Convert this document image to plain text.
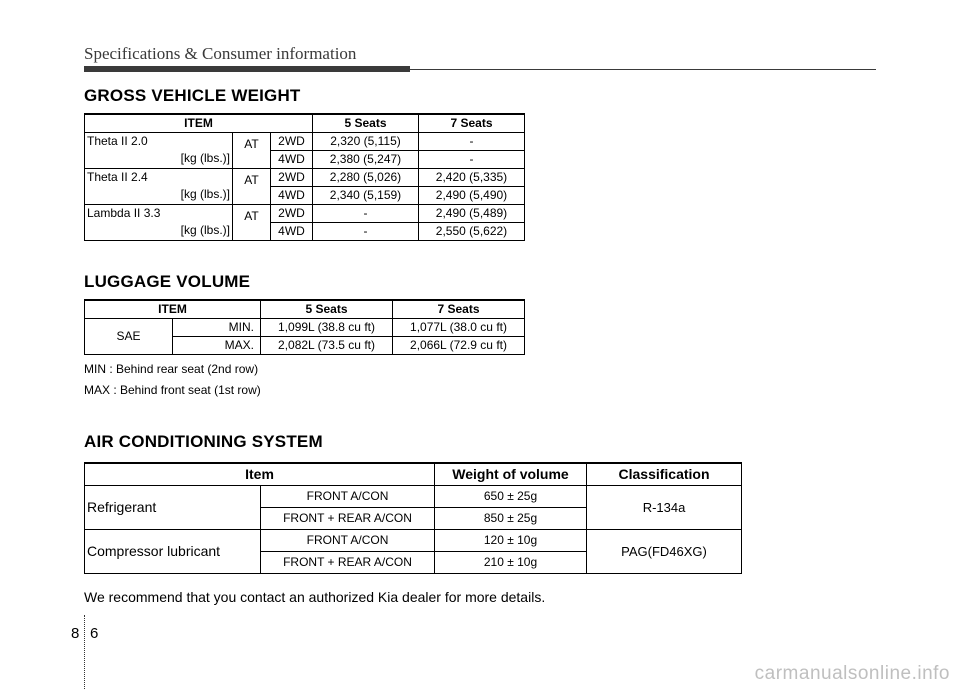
Specifications & Consumer information
GROSS VEHICLE WEIGHT
ITEM			5 Seats	7 Seats
Theta II 2.0
[kg (lbs.)]	AT	2WD	2,320 (5,115)	-
		4WD	2,380 (5,247)	-
Theta II 2.4
[kg (lbs.)]	AT	2WD	2,280 (5,026)	2,420 (5,335)
		4WD	2,340 (5,159)	2,490 (5,490)
Lambda II 3.3
[kg (lbs.)]	AT	2WD	-	2,490 (5,489)
		4WD	-	2,550 (5,622)
LUGGAGE VOLUME
ITEM		5 Seats	7 Seats
SAE	MIN.	1,099L (38.8 cu ft)	1,077L (38.0 cu ft)
	MAX.	2,082L (73.5 cu ft)	2,066L (72.9 cu ft)
MIN : Behind rear seat (2nd row)
MAX : Behind front seat (1st row)
AIR CONDITIONING SYSTEM
Item		Weight of volume	Classification
Refrigerant	FRONT A/CON	650 ± 25g	R-134a
	FRONT + REAR A/CON	850 ± 25g	
Compressor lubricant	FRONT A/CON	120 ± 10g	PAG(FD46XG)
	FRONT + REAR A/CON	210 ± 10g	
We recommend that you contact an authorized Kia dealer for more details.
8 6
carmanualsonline.info
